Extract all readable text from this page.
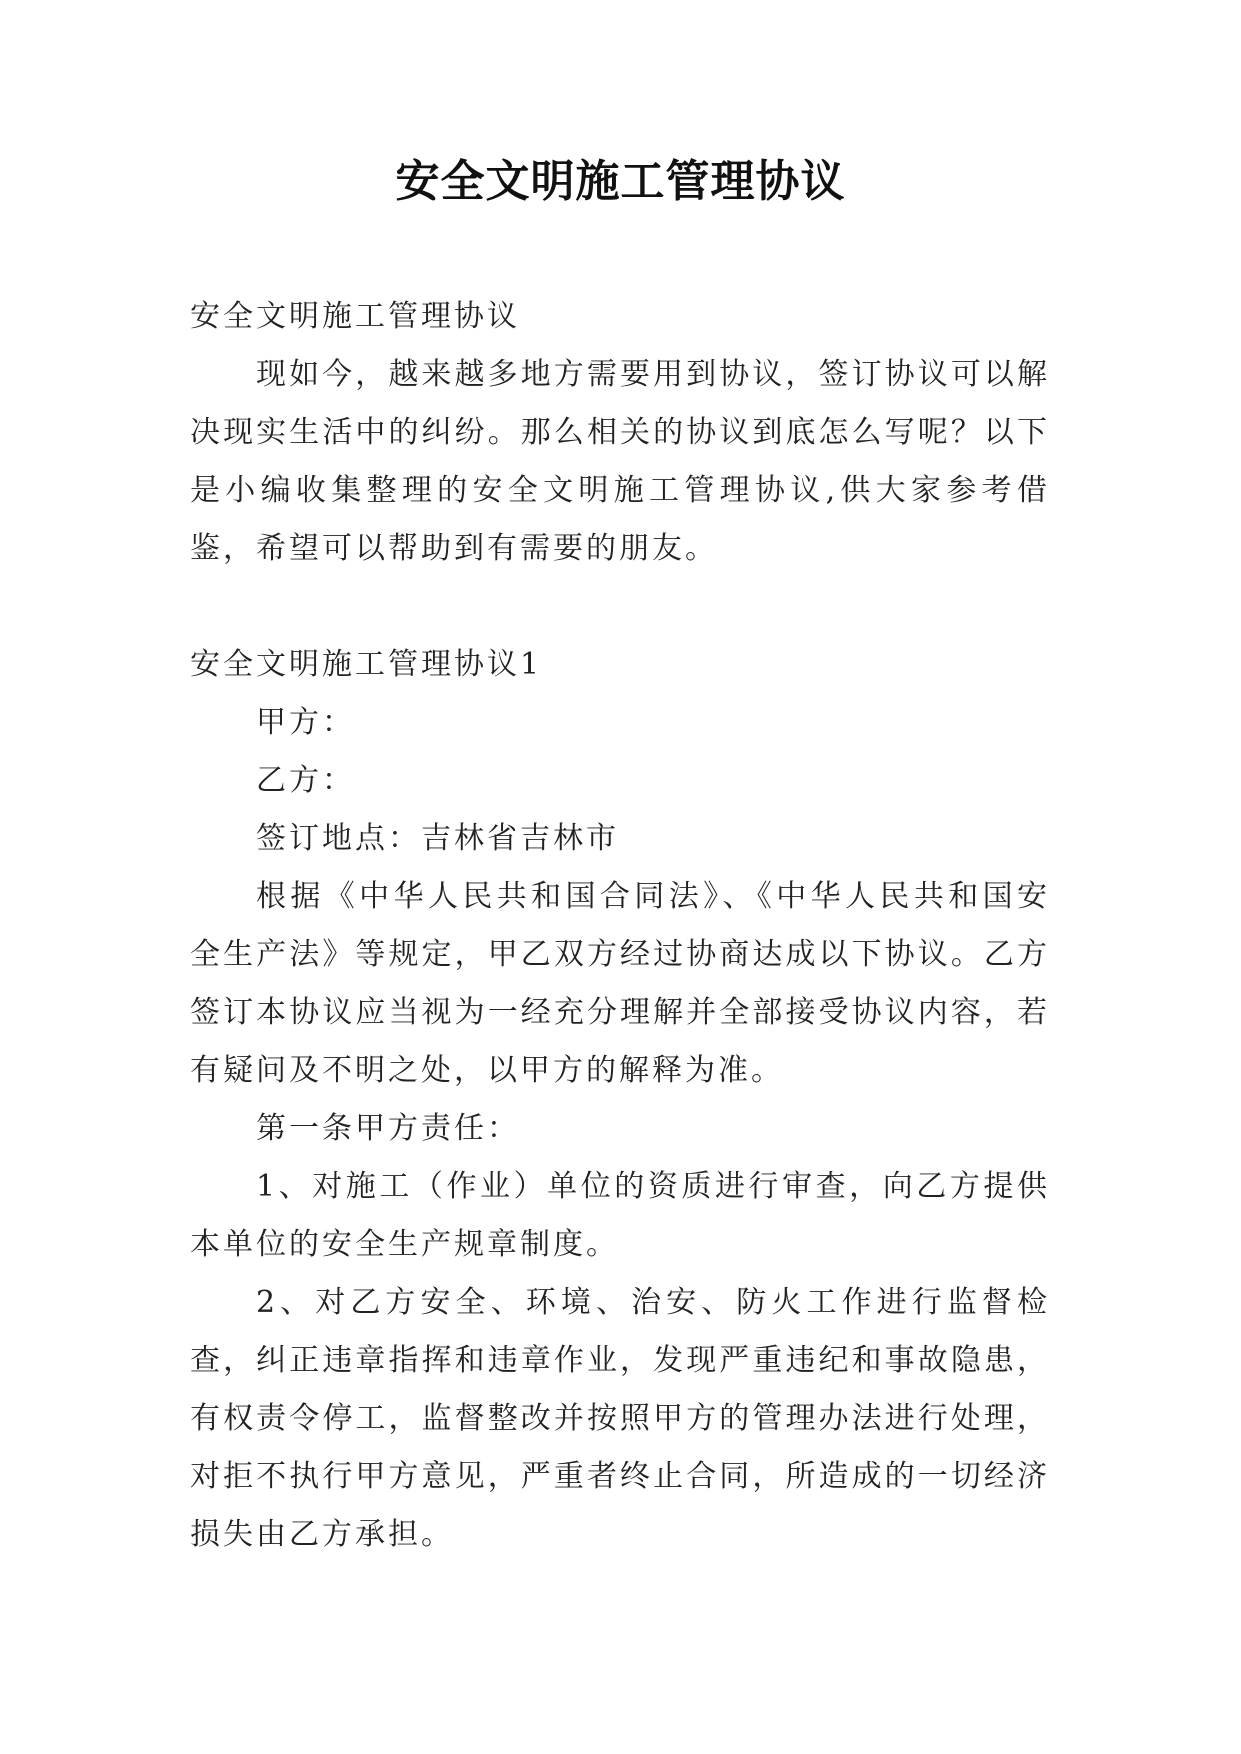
安全文明施工管理协议

安全文明施工管理协议

现如今，越来越多地方需要用到协议，签订协议可以解决现实生活中的纠纷。那么相关的协议到底怎么写呢？以下是小编收集整理的安全文明施工管理协议,供大家参考借鉴，希望可以帮助到有需要的朋友。

安全文明施工管理协议1

甲方：

乙方：

签订地点：吉林省吉林市

根据《中华人民共和国合同法》、《中华人民共和国安全生产法》等规定，甲乙双方经过协商达成以下协议。乙方签订本协议应当视为一经充分理解并全部接受协议内容，若有疑问及不明之处，以甲方的解释为准。

第一条甲方责任：

1、对施工（作业）单位的资质进行审查，向乙方提供本单位的安全生产规章制度。

2、对乙方安全、环境、治安、防火工作进行监督检查，纠正违章指挥和违章作业，发现严重违纪和事故隐患，有权责令停工，监督整改并按照甲方的管理办法进行处理，对拒不执行甲方意见，严重者终止合同，所造成的一切经济损失由乙方承担。
